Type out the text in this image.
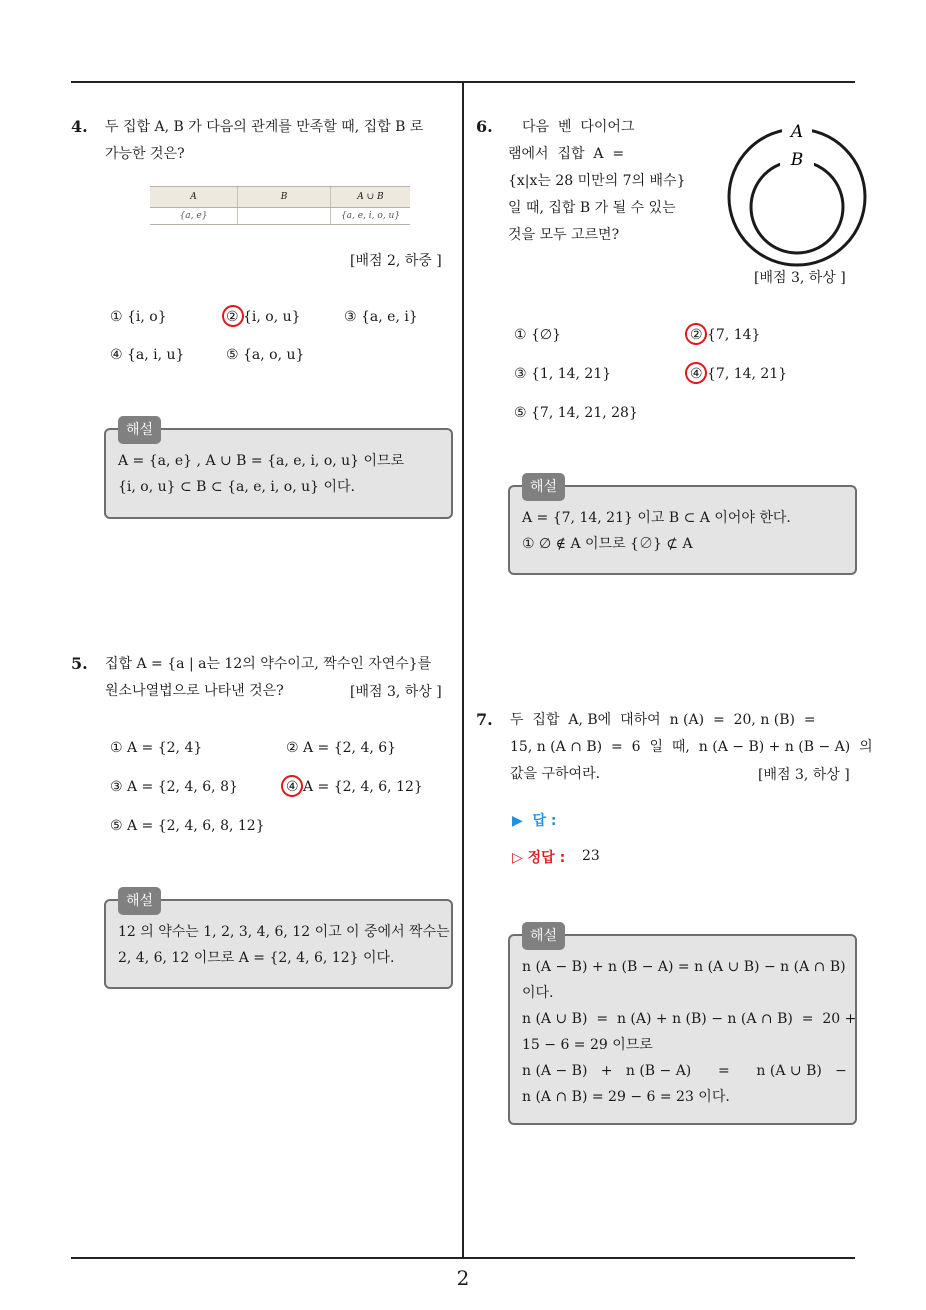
4. 두 집합 A, B 가 다음의 관계를 만족할 때, 집합 B 로
가능한 것은?
A	B	A ∪ B
{a, e}		{a, e, i, o, u}
[배점 2, 하중 ]
① {i, o}	② {i, o, u}	③ {a, e, i}
④ {a, i, u}	⑤ {a, o, u}
해설
A = {a, e} , A ∪ B = {a, e, i, o, u} 이므로
{i, o, u} ⊂ B ⊂ {a, e, i, o, u} 이다.
5. 집합 A = {a | a는 12의 약수이고, 짝수인 자연수}를
원소나열법으로 나타낸 것은?	[배점 3, 하상 ]
① A = {2, 4}	② A = {2, 4, 6}
③ A = {2, 4, 6, 8}	④ A = {2, 4, 6, 12}
⑤ A = {2, 4, 6, 8, 12}
해설
12 의 약수는 1, 2, 3, 4, 6, 12 이고 이 중에서 짝수는
2, 4, 6, 12 이므로 A = {2, 4, 6, 12} 이다.
6. 다음  벤  다이어그
램에서  집합  A  =
{x|x는 28 미만의 7의 배수}
일 때, 집합 B 가 될 수 있는
것을 모두 고르면?
A
B
[배점 3, 하상 ]
① {∅}	② {7, 14}
③ {1, 14, 21}	④ {7, 14, 21}
⑤ {7, 14, 21, 28}
해설
A = {7, 14, 21} 이고 B ⊂ A 이어야 한다.
① ∅ ∉ A 이므로 {∅} ⊄ A
7. 두  집합  A, B에  대하여  n (A)  =  20, n (B)  =
15, n (A ∩ B)  =  6  일  때,  n (A − B) + n (B − A)  의
값을 구하여라.	[배점 3, 하상 ]
▶  답 :
▷ 정답 : 23
해설
n (A − B) + n (B − A) = n (A ∪ B) − n (A ∩ B)
이다.
n (A ∪ B)  =  n (A) + n (B) − n (A ∩ B)  =  20 +
15 − 6 = 29 이므로
n (A − B)   +   n (B − A)      =      n (A ∪ B)   −
n (A ∩ B) = 29 − 6 = 23 이다.
2
